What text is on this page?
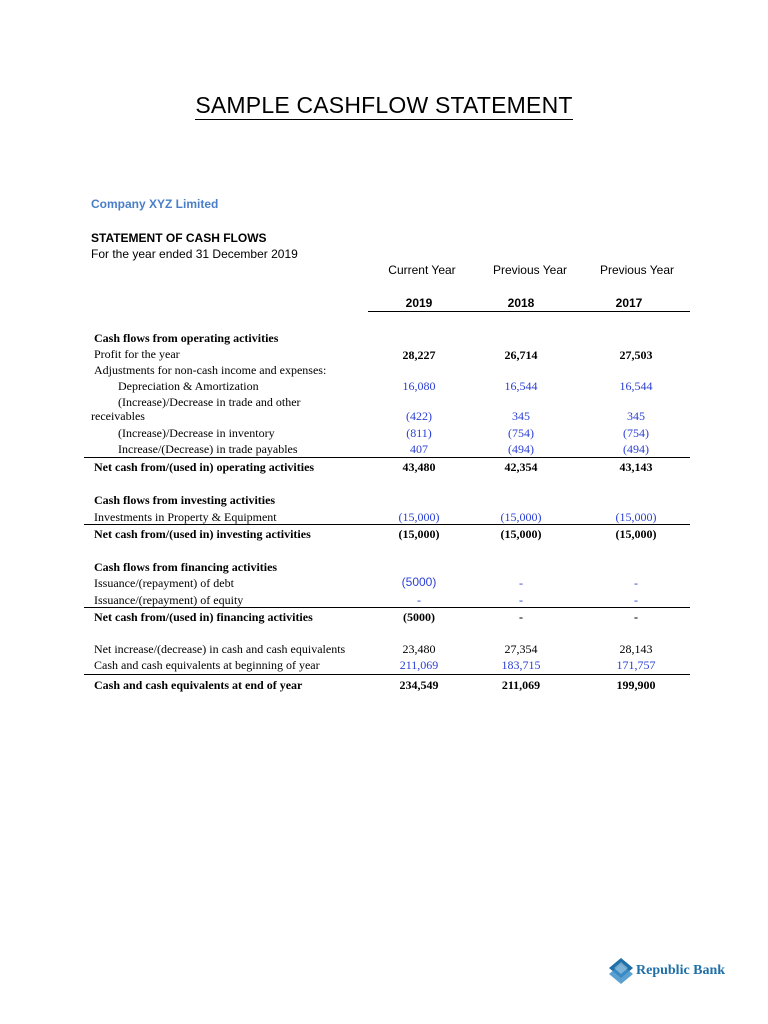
SAMPLE CASHFLOW STATEMENT
Company XYZ Limited
STATEMENT OF CASH FLOWS
For the year ended 31 December 2019
Current Year	Previous Year	Previous Year
2019	2018	2017
Cash flows from operating activities
Profit for the year	28,227	26,714	27,503
Adjustments for non-cash income and expenses:
Depreciation & Amortization	16,080	16,544	16,544
(Increase)/Decrease in trade and other
receivables	(422)	345	345
(Increase)/Decrease in inventory	(811)	(754)	(754)
Increase/(Decrease) in trade payables	407	(494)	(494)
Net cash from/(used in) operating activities	43,480	42,354	43,143
Cash flows from investing activities
Investments in Property & Equipment	(15,000)	(15,000)	(15,000)
Net cash from/(used in) investing activities	(15,000)	(15,000)	(15,000)
Cash flows from financing activities
Issuance/(repayment) of debt	(5000)	-	-
Issuance/(repayment) of equity	-	-	-
Net cash from/(used in) financing activities	(5000)	-	-
Net increase/(decrease) in cash and cash equivalents	23,480	27,354	28,143
Cash and cash equivalents at beginning of year	211,069	183,715	171,757
Cash and cash equivalents at end of year	234,549	211,069	199,900
Republic Bank
